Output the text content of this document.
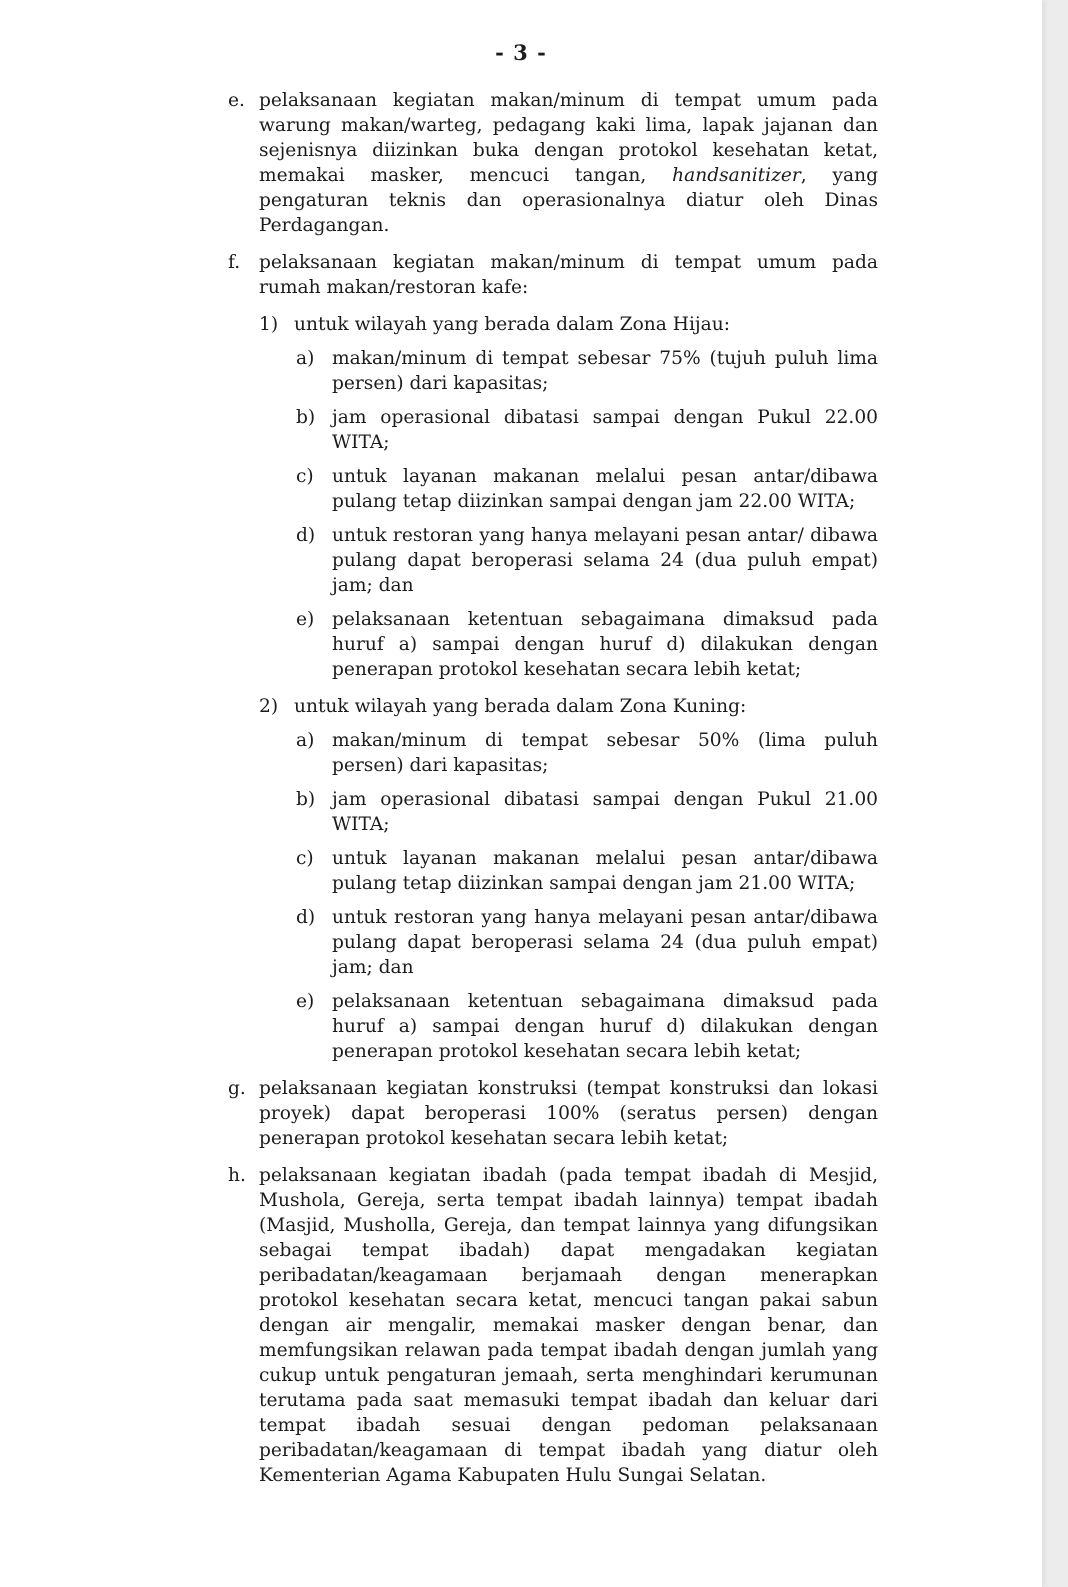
- 3 -
e. pelaksanaan kegiatan makan/minum di tempat umum pada warung makan/warteg, pedagang kaki lima, lapak jajanan dan sejenisnya diizinkan buka dengan protokol kesehatan ketat, memakai masker, mencuci tangan, handsanitizer, yang pengaturan teknis dan operasionalnya diatur oleh Dinas Perdagangan.
f. pelaksanaan kegiatan makan/minum di tempat umum pada rumah makan/restoran kafe:
1) untuk wilayah yang berada dalam Zona Hijau:
a) makan/minum di tempat sebesar 75% (tujuh puluh lima persen) dari kapasitas;
b) jam operasional dibatasi sampai dengan Pukul 22.00 WITA;
c) untuk layanan makanan melalui pesan antar/dibawa pulang tetap diizinkan sampai dengan jam 22.00 WITA;
d) untuk restoran yang hanya melayani pesan antar/ dibawa pulang dapat beroperasi selama 24 (dua puluh empat) jam; dan
e) pelaksanaan ketentuan sebagaimana dimaksud pada huruf a) sampai dengan huruf d) dilakukan dengan penerapan protokol kesehatan secara lebih ketat;
2) untuk wilayah yang berada dalam Zona Kuning:
a) makan/minum di tempat sebesar 50% (lima puluh persen) dari kapasitas;
b) jam operasional dibatasi sampai dengan Pukul 21.00 WITA;
c) untuk layanan makanan melalui pesan antar/dibawa pulang tetap diizinkan sampai dengan jam 21.00 WITA;
d) untuk restoran yang hanya melayani pesan antar/dibawa pulang dapat beroperasi selama 24 (dua puluh empat) jam; dan
e) pelaksanaan ketentuan sebagaimana dimaksud pada huruf a) sampai dengan huruf d) dilakukan dengan penerapan protokol kesehatan secara lebih ketat;
g. pelaksanaan kegiatan konstruksi (tempat konstruksi dan lokasi proyek) dapat beroperasi 100% (seratus persen) dengan penerapan protokol kesehatan secara lebih ketat;
h. pelaksanaan kegiatan ibadah (pada tempat ibadah di Mesjid, Mushola, Gereja, serta tempat ibadah lainnya) tempat ibadah (Masjid, Musholla, Gereja, dan tempat lainnya yang difungsikan sebagai tempat ibadah) dapat mengadakan kegiatan peribadatan/keagamaan berjamaah dengan menerapkan protokol kesehatan secara ketat, mencuci tangan pakai sabun dengan air mengalir, memakai masker dengan benar, dan memfungsikan relawan pada tempat ibadah dengan jumlah yang cukup untuk pengaturan jemaah, serta menghindari kerumunan terutama pada saat memasuki tempat ibadah dan keluar dari tempat ibadah sesuai dengan pedoman pelaksanaan peribadatan/keagamaan di tempat ibadah yang diatur oleh Kementerian Agama Kabupaten Hulu Sungai Selatan.
